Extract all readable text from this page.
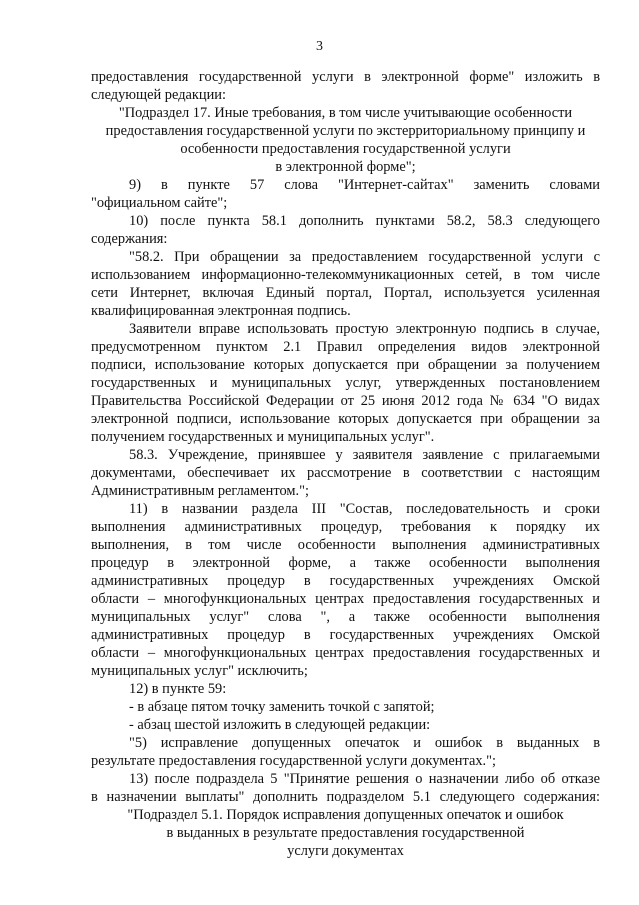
3

предоставления государственной услуги в электронной форме" изложить в

следующей редакции:

"Подраздел 17. Иные требования, в том числе учитывающие особенности

предоставления государственной услуги по экстерриториальному принципу и

особенности предоставления государственной услуги

в электронной форме";

9) в пункте 57 слова "Интернет-сайтах" заменить словами

"официальном сайте";

10) после пункта 58.1 дополнить пунктами 58.2, 58.3 следующего

содержания:

"58.2. При обращении за предоставлением государственной услуги с

использованием информационно-телекоммуникационных сетей, в том числе

сети Интернет, включая Единый портал, Портал, используется усиленная

квалифицированная электронная подпись.

Заявители вправе использовать простую электронную подпись в случае,

предусмотренном пунктом 2.1 Правил определения видов электронной

подписи, использование которых допускается при обращении за получением

государственных и муниципальных услуг, утвержденных постановлением

Правительства Российской Федерации от 25 июня 2012 года № 634 "О видах

электронной подписи, использование которых допускается при обращении за

получением государственных и муниципальных услуг".

58.3. Учреждение, принявшее у заявителя заявление с прилагаемыми

документами, обеспечивает их рассмотрение в соответствии с настоящим

Административным регламентом.";

11) в названии раздела III "Состав, последовательность и сроки

выполнения административных процедур, требования к порядку их

выполнения, в том числе особенности выполнения административных

процедур в электронной форме, а также особенности выполнения

административных процедур в государственных учреждениях Омской

области – многофункциональных центрах предоставления государственных и

муниципальных услуг" слова ", а также особенности выполнения

административных процедур в государственных учреждениях Омской

области – многофункциональных центрах предоставления государственных и

муниципальных услуг" исключить;

12) в пункте 59:

- в абзаце пятом точку заменить точкой с запятой;

- абзац шестой изложить в следующей редакции:

"5) исправление допущенных опечаток и ошибок в выданных в

результате предоставления государственной услуги документах.";

13) после подраздела 5 "Принятие решения о назначении либо об отказе

в назначении выплаты" дополнить подразделом 5.1 следующего содержания:

"Подраздел 5.1. Порядок исправления допущенных опечаток и ошибок

в выданных в результате предоставления государственной

услуги документах
